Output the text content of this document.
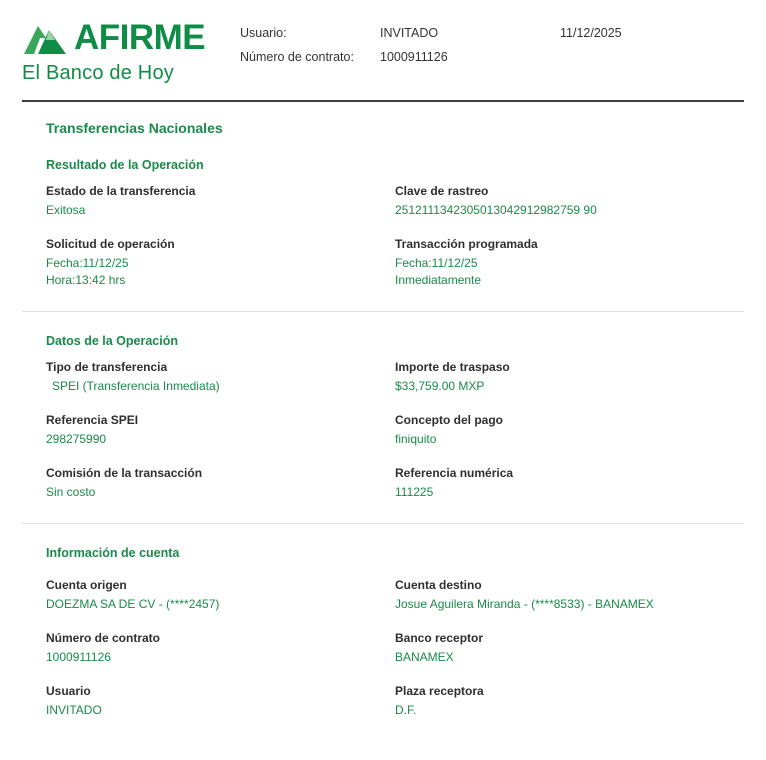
AFIRME
El Banco de Hoy
Usuario:	INVITADO	11/12/2025
Número de contrato:	1000911126
Transferencias Nacionales
Resultado de la Operación
Estado de la transferencia
Exitosa
Solicitud de operación
Fecha:11/12/25
Hora:13:42 hrs
Clave de rastreo
2512111342305013042912982759 90
Transacción programada
Fecha:11/12/25
Inmediatamente
Datos de la Operación
Tipo de transferencia
SPEI (Transferencia Inmediata)
Referencia SPEI
298275990
Comisión de la transacción
Sin costo
Importe de traspaso
$33,759.00 MXP
Concepto del pago
finiquito
Referencia numérica
111225
Información de cuenta
Cuenta origen
DOEZMA SA DE CV - (****2457)
Número de contrato
1000911126
Usuario
INVITADO
Cuenta destino
Josue Aguilera Miranda - (****8533) - BANAMEX
Banco receptor
BANAMEX
Plaza receptora
D.F.
